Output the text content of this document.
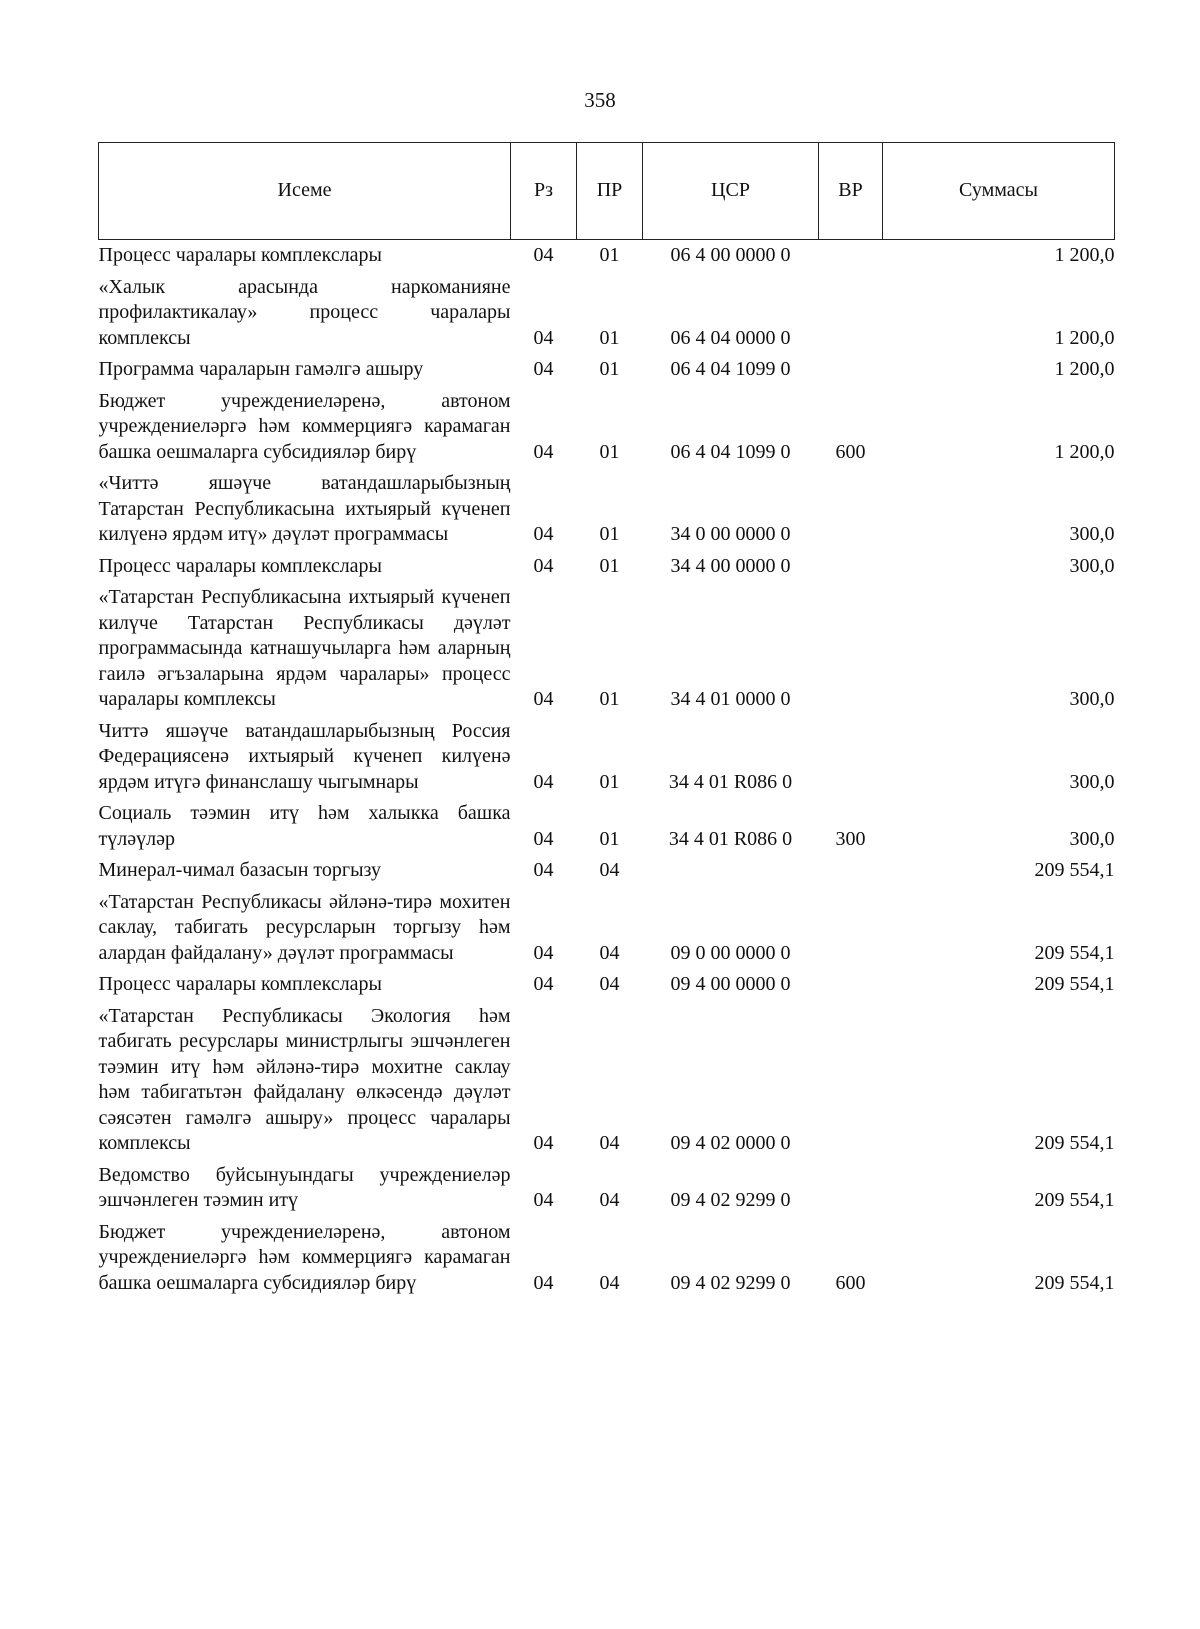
358
Исеме	Рз	ПР	ЦСР	ВР	Суммасы
Процесс чаралары комплекслары	04	01	06 4 00 0000 0		1 200,0
«Халык арасында наркоманияне профилактикалау» процесс чаралары комплексы	04	01	06 4 04 0000 0		1 200,0
Программа чараларын гамәлгә ашыру	04	01	06 4 04 1099 0		1 200,0
Бюджет учреждениеләренә, автоном учреждениеләргә һәм коммерциягә карамаган башка оешмаларга субсидияләр бирү	04	01	06 4 04 1099 0	600	1 200,0
«Читтә яшәүче ватандашларыбызның Татарстан Республикасына ихтыярый күченеп килүенә ярдәм итү» дәүләт программасы	04	01	34 0 00 0000 0		300,0
Процесс чаралары комплекслары	04	01	34 4 00 0000 0		300,0
«Татарстан Республикасына ихтыярый күченеп килүче Татарстан Республикасы дәүләт программасында катнашучыларга һәм аларның гаилә әгъзаларына ярдәм чаралары» процесс чаралары комплексы	04	01	34 4 01 0000 0		300,0
Читтә яшәүче ватандашларыбызның Россия Федерациясенә ихтыярый күченеп килүенә ярдәм итүгә финанслашу чыгымнары	04	01	34 4 01 R086 0		300,0
Социаль тәэмин итү һәм халыкка башка түләүләр	04	01	34 4 01 R086 0	300	300,0
Минерал-чимал базасын торгызу	04	04			209 554,1
«Татарстан Республикасы әйләнә-тирә мохитен саклау, табигать ресурсларын торгызу һәм алардан файдалану» дәүләт программасы	04	04	09 0 00 0000 0		209 554,1
Процесс чаралары комплекслары	04	04	09 4 00 0000 0		209 554,1
«Татарстан Республикасы Экология һәм табигать ресурслары министрлыгы эшчәнлеген тәэмин итү һәм әйләнә-тирә мохитне саклау һәм табигатьтән файдалану өлкәсендә дәүләт сәясәтен гамәлгә ашыру» процесс чаралары комплексы	04	04	09 4 02 0000 0		209 554,1
Ведомство буйсынуындагы учреждениеләр эшчәнлеген тәэмин итү	04	04	09 4 02 9299 0		209 554,1
Бюджет учреждениеләренә, автоном учреждениеләргә һәм коммерциягә карамаган башка оешмаларга субсидияләр бирү	04	04	09 4 02 9299 0	600	209 554,1
